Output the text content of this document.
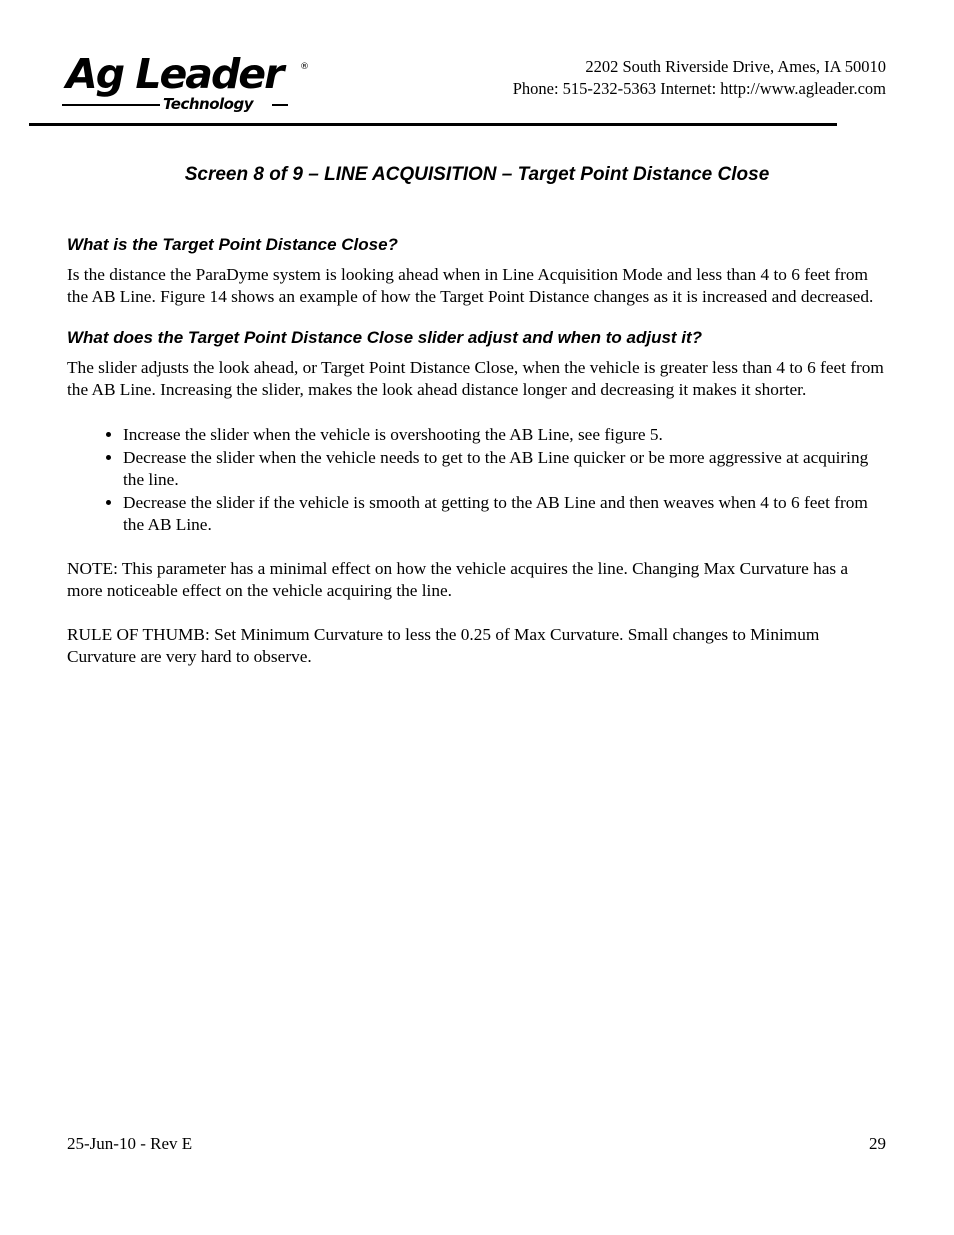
Ag Leader ®
Technology
2202 South Riverside Drive, Ames, IA 50010
Phone: 515-232-5363 Internet: http://www.agleader.com
Screen 8 of 9 – LINE ACQUISITION – Target Point Distance Close
What is the Target Point Distance Close?

Is the distance the ParaDyme system is looking ahead when in Line Acquisition Mode and less than 4 to 6 feet from the AB Line. Figure 14 shows an example of how the Target Point Distance changes as it is increased and decreased.

What does the Target Point Distance Close slider adjust and when to adjust it?

The slider adjusts the look ahead, or Target Point Distance Close, when the vehicle is greater less than 4 to 6 feet from the AB Line. Increasing the slider, makes the look ahead distance longer and decreasing it makes it shorter.

• Increase the slider when the vehicle is overshooting the AB Line, see figure 5.
• Decrease the slider when the vehicle needs to get to the AB Line quicker or be more aggressive at acquiring the line.
• Decrease the slider if the vehicle is smooth at getting to the AB Line and then weaves when 4 to 6 feet from the AB Line.

NOTE: This parameter has a minimal effect on how the vehicle acquires the line. Changing Max Curvature has a more noticeable effect on the vehicle acquiring the line.

RULE OF THUMB: Set Minimum Curvature to less the 0.25 of Max Curvature. Small changes to Minimum Curvature are very hard to observe.

25-Jun-10 - Rev E	29
